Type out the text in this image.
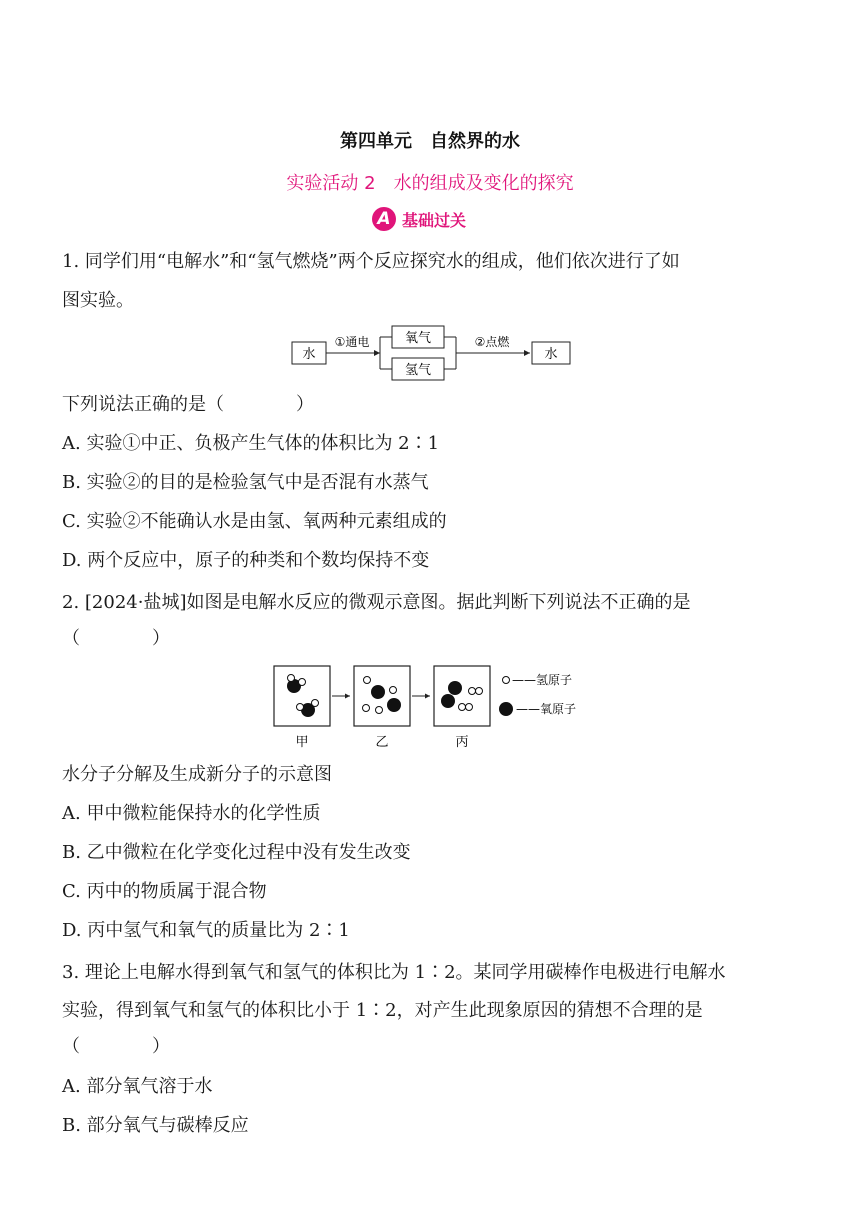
第四单元　自然界的水
实验活动 2　水的组成及变化的探究
A 基础过关
1. 同学们用“电解水”和“氢气燃烧”两个反应探究水的组成，他们依次进行了如
图实验。
水
①通电	氧气
氢气
②点燃
水
下列说法正确的是（　　　　）
A. 实验①中正、负极产生气体的体积比为 2∶1
B. 实验②的目的是检验氢气中是否混有水蒸气
C. 实验②不能确认水是由氢、氧两种元素组成的
D. 两个反应中，原子的种类和个数均保持不变
2. [2024·盐城]如图是电解水反应的微观示意图。据此判断下列说法不正确的是
（　　　　）
——氢原子
——氧原子
甲	乙	丙
水分子分解及生成新分子的示意图
A. 甲中微粒能保持水的化学性质
B. 乙中微粒在化学变化过程中没有发生改变
C. 丙中的物质属于混合物
D. 丙中氢气和氧气的质量比为 2∶1
3. 理论上电解水得到氧气和氢气的体积比为 1∶2。某同学用碳棒作电极进行电解水
实验，得到氧气和氢气的体积比小于 1∶2，对产生此现象原因的猜想不合理的是
（　　　　）
A. 部分氧气溶于水
B. 部分氧气与碳棒反应
